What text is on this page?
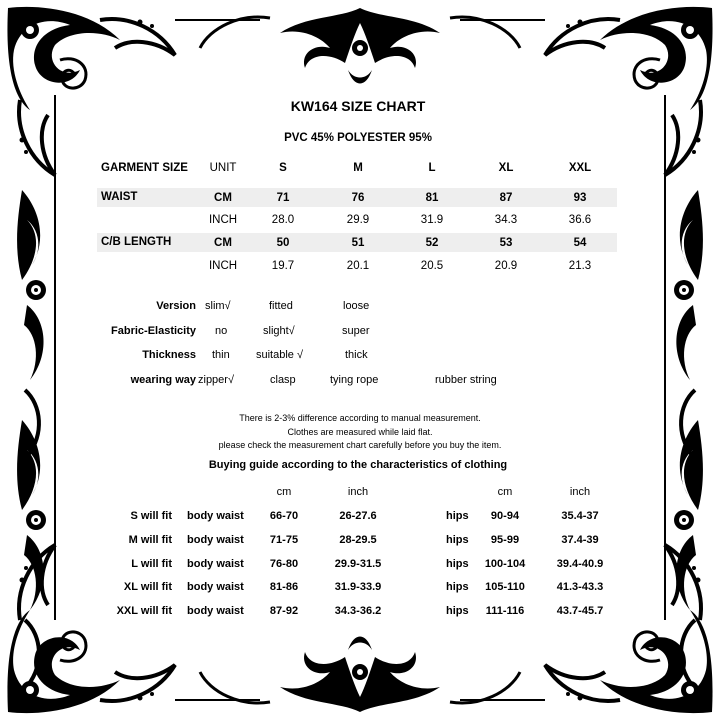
KW164 SIZE CHART
PVC 45% POLYESTER 95%
GARMENT SIZE UNIT	S	M	L	XL	XXL
WAIST	CM	71	76	81	87	93
INCH	28.0	29.9	31.9	34.3	36.6
C/B LENGTH	CM	50	51	52	53	54
INCH	19.7	20.1	20.5	20.9	21.3
Version slim√	fitted	loose
Fabric-Elasticity no	slight√	super
Thickness thin suitable √	thick
wearing way zipper√	clasp	tying rope	rubber string
There is 2-3% difference according to manual measurement.
Clothes are measured while laid flat.
please check the measurement chart carefully before you buy the item.
Buying guide according to the characteristics of clothing
cm	inch	cm	inch
S will fit body waist 66-70	26-27.6	hips 90-94	35.4-37
M will fit body waist 71-75	28-29.5	hips 95-99	37.4-39
L will fit body waist 76-80	29.9-31.5	hips 100-104	39.4-40.9
XL will fit body waist 81-86	31.9-33.9	hips 105-110	41.3-43.3
XXL will fit body waist 87-92	34.3-36.2	hips 111-116	43.7-45.7
